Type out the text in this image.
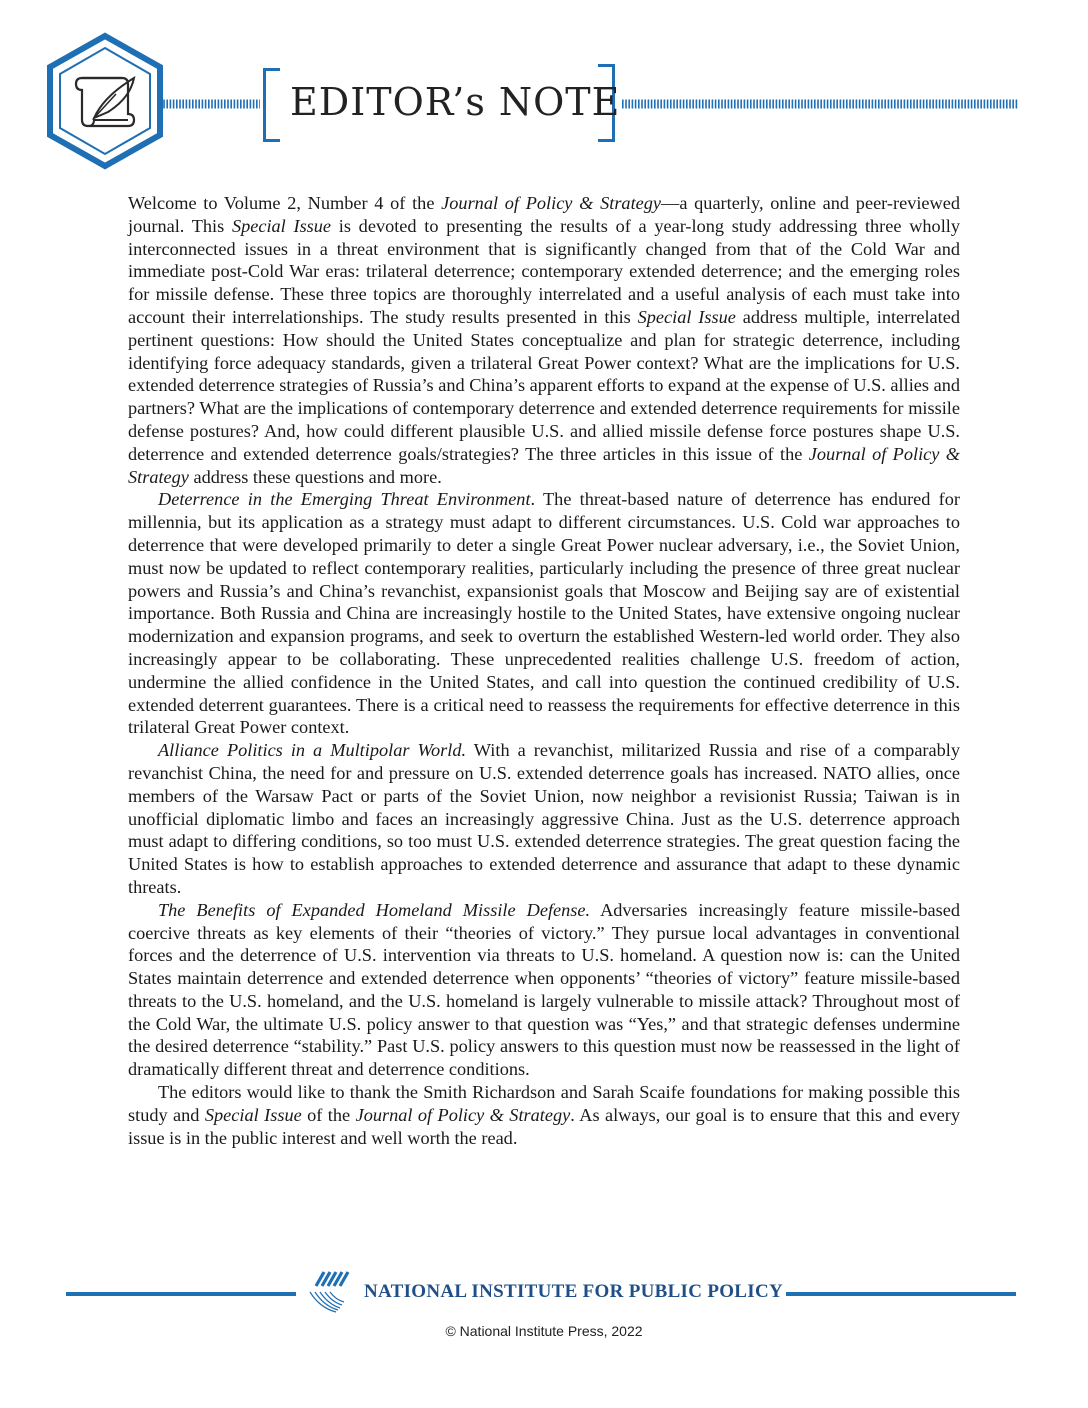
EDITOR’s NOTE

Welcome to Volume 2, Number 4 of the Journal of Policy & Strategy—a quarterly, online and peer-reviewed journal. This Special Issue is devoted to presenting the results of a year-long study addressing three wholly interconnected issues in a threat environment that is significantly changed from that of the Cold War and immediate post-Cold War eras: trilateral deterrence; contemporary extended deterrence; and the emerging roles for missile defense. These three topics are thoroughly interrelated and a useful analysis of each must take into account their interrelationships. The study results presented in this Special Issue address multiple, interrelated pertinent questions: How should the United States conceptualize and plan for strategic deterrence, including identifying force adequacy standards, given a trilateral Great Power context? What are the implications for U.S. extended deterrence strategies of Russia’s and China’s apparent efforts to expand at the expense of U.S. allies and partners? What are the implications of contemporary deterrence and extended deterrence requirements for missile defense postures? And, how could different plausible U.S. and allied missile defense force postures shape U.S. deterrence and extended deterrence goals/strategies? The three articles in this issue of the Journal of Policy & Strategy address these questions and more.

Deterrence in the Emerging Threat Environment. The threat-based nature of deterrence has endured for millennia, but its application as a strategy must adapt to different circumstances. U.S. Cold war approaches to deterrence that were developed primarily to deter a single Great Power nuclear adversary, i.e., the Soviet Union, must now be updated to reflect contemporary realities, particularly including the presence of three great nuclear powers and Russia’s and China’s revanchist, expansionist goals that Moscow and Beijing say are of existential importance. Both Russia and China are increasingly hostile to the United States, have extensive ongoing nuclear modernization and expansion programs, and seek to overturn the established Western-led world order. They also increasingly appear to be collaborating. These unprecedented realities challenge U.S. freedom of action, undermine the allied confidence in the United States, and call into question the continued credibility of U.S. extended deterrent guarantees. There is a critical need to reassess the requirements for effective deterrence in this trilateral Great Power context.

Alliance Politics in a Multipolar World. With a revanchist, militarized Russia and rise of a comparably revanchist China, the need for and pressure on U.S. extended deterrence goals has increased. NATO allies, once members of the Warsaw Pact or parts of the Soviet Union, now neighbor a revisionist Russia; Taiwan is in unofficial diplomatic limbo and faces an increasingly aggressive China. Just as the U.S. deterrence approach must adapt to differing conditions, so too must U.S. extended deterrence strategies. The great question facing the United States is how to establish approaches to extended deterrence and assurance that adapt to these dynamic threats.

The Benefits of Expanded Homeland Missile Defense. Adversaries increasingly feature missile-based coercive threats as key elements of their “theories of victory.” They pursue local advantages in conventional forces and the deterrence of U.S. intervention via threats to U.S. homeland. A question now is: can the United States maintain deterrence and extended deterrence when opponents’ “theories of victory” feature missile-based threats to the U.S. homeland, and the U.S. homeland is largely vulnerable to missile attack? Throughout most of the Cold War, the ultimate U.S. policy answer to that question was “Yes,” and that strategic defenses undermine the desired deterrence “stability.” Past U.S. policy answers to this question must now be reassessed in the light of dramatically different threat and deterrence conditions.

The editors would like to thank the Smith Richardson and Sarah Scaife foundations for making possible this study and Special Issue of the Journal of Policy & Strategy. As always, our goal is to ensure that this and every issue is in the public interest and well worth the read.

NATIONAL INSTITUTE FOR PUBLIC POLICY
© National Institute Press, 2022
